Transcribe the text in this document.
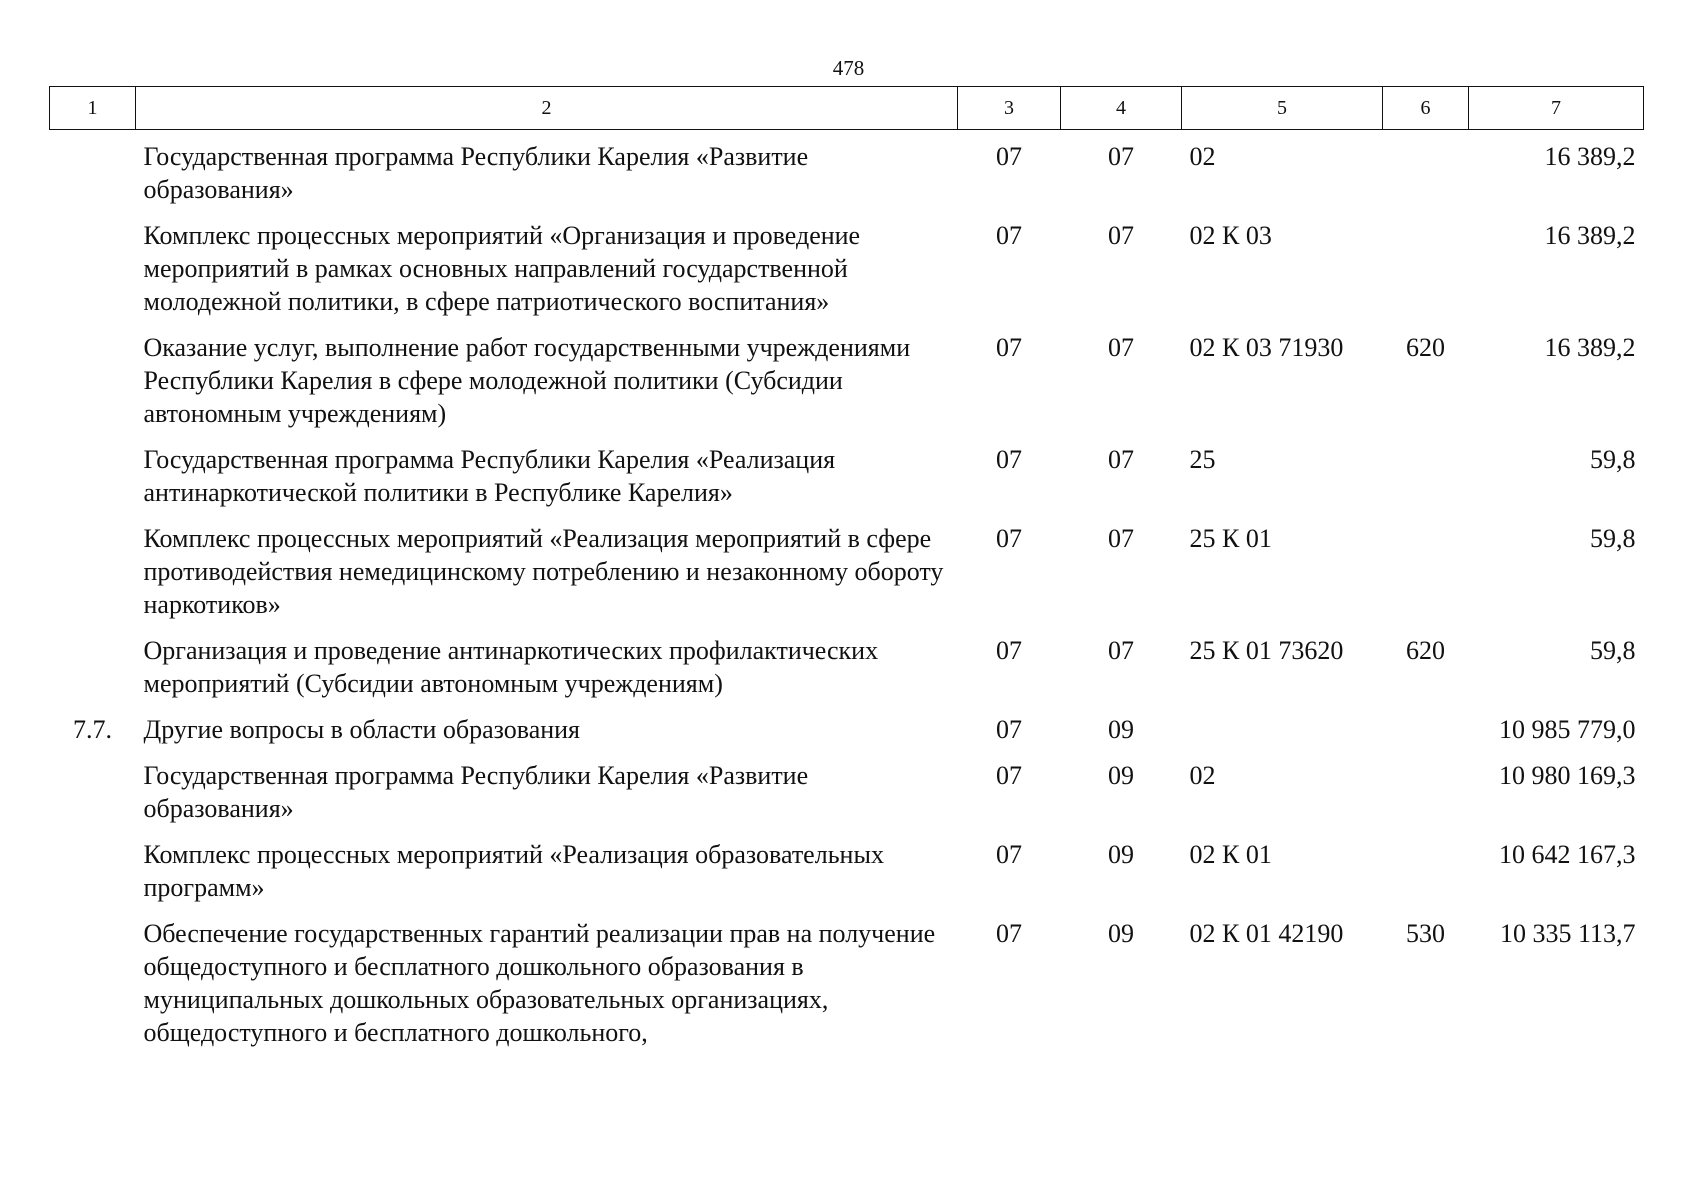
478
1	2	3	4	5	6	7
	Государственная программа Республики Карелия «Развитие образования»	07	07	02		16 389,2
	Комплекс процессных мероприятий «Организация и проведение мероприятий в рамках основных направлений государственной молодежной политики, в сфере патриотического воспитания»	07	07	02 К 03		16 389,2
	Оказание услуг, выполнение работ государственными учреждениями Республики Карелия в сфере молодежной политики (Субсидии автономным учреждениям)	07	07	02 К 03 71930	620	16 389,2
	Государственная программа Республики Карелия «Реализация антинаркотической политики в Республике Карелия»	07	07	25		59,8
	Комплекс процессных мероприятий «Реализация мероприятий в сфере противодействия немедицинскому потреблению и незаконному обороту наркотиков»	07	07	25 К 01		59,8
	Организация и проведение антинаркотических профилактических мероприятий (Субсидии автономным учреждениям)	07	07	25 К 01 73620	620	59,8
7.7.	Другие вопросы в области образования	07	09			10 985 779,0
	Государственная программа Республики Карелия «Развитие образования»	07	09	02		10 980 169,3
	Комплекс процессных мероприятий «Реализация образовательных программ»	07	09	02 К 01		10 642 167,3
	Обеспечение государственных гарантий реализации прав на получение общедоступного и бесплатного дошкольного образования в муниципальных дошкольных образовательных организациях, общедоступного и бесплатного дошкольного,	07	09	02 К 01 42190	530	10 335 113,7
